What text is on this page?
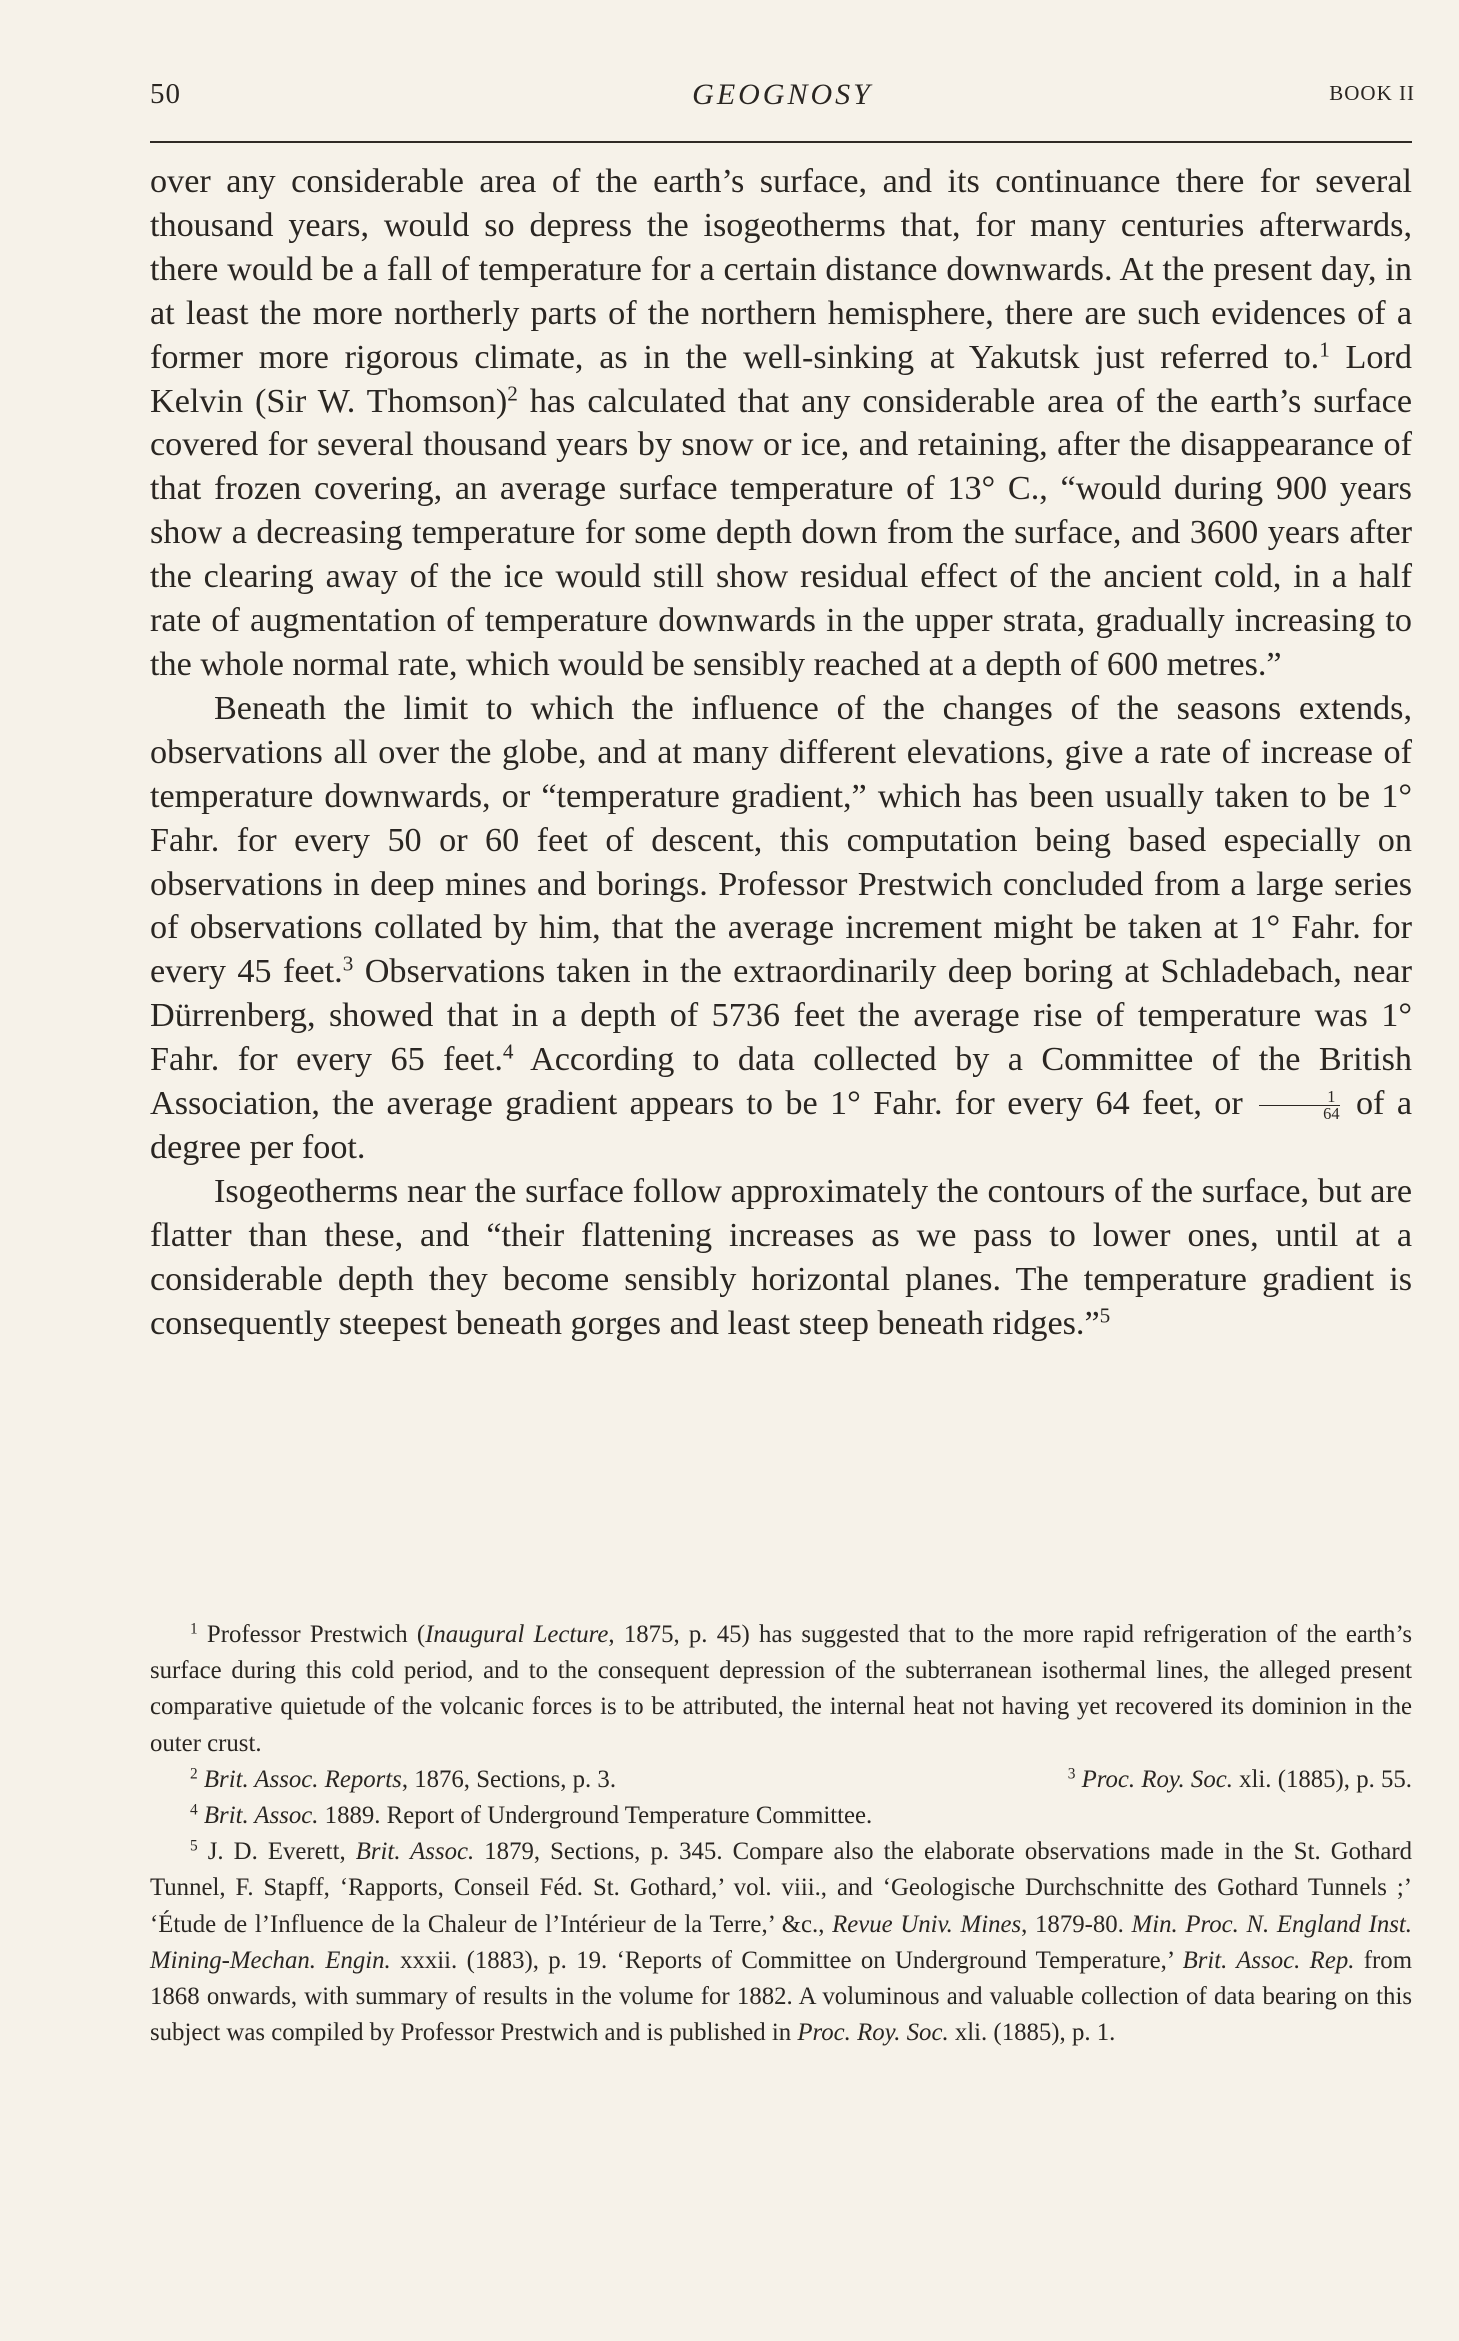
50	GEOGNOSY	BOOK II

over any considerable area of the earth’s surface, and its continuance there for several thousand years, would so depress the isogeotherms that, for many centuries afterwards, there would be a fall of temperature for a certain distance downwards. At the present day, in at least the more northerly parts of the northern hemisphere, there are such evidences of a former more rigorous climate, as in the well-sinking at Yakutsk just referred to.$^1$ Lord Kelvin (Sir W. Thomson)$^2$ has calculated that any considerable area of the earth’s surface covered for several thousand years by snow or ice, and retaining, after the disappearance of that frozen covering, an average surface temperature of 13° C., “would during 900 years show a decreasing temperature for some depth down from the surface, and 3600 years after the clearing away of the ice would still show residual effect of the ancient cold, in a half rate of augmentation of temperature downwards in the upper strata, gradually increasing to the whole normal rate, which would be sensibly reached at a depth of 600 metres.”

Beneath the limit to which the influence of the changes of the seasons extends, observations all over the globe, and at many different elevations, give a rate of increase of temperature downwards, or “temperature gradient,” which has been usually taken to be 1° Fahr. for every 50 or 60 feet of descent, this computation being based especially on observations in deep mines and borings. Professor Prestwich concluded from a large series of observations collated by him, that the average increment might be taken at 1° Fahr. for every 45 feet.$^3$ Observations taken in the extraordinarily deep boring at Schladebach, near Dürrenberg, showed that in a depth of 5736 feet the average rise of temperature was 1° Fahr. for every 65 feet.$^4$ According to data collected by a Committee of the British Association, the average gradient appears to be 1° Fahr. for every 64 feet, or $\frac{1}{64}$ of a degree per foot.

Isogeotherms near the surface follow approximately the contours of the surface, but are flatter than these, and “their flattening increases as we pass to lower ones, until at a considerable depth they become sensibly horizontal planes. The temperature gradient is consequently steepest beneath gorges and least steep beneath ridges.”$^5$

$^1$ Professor Prestwich (Inaugural Lecture, 1875, p. 45) has suggested that to the more rapid refrigeration of the earth’s surface during this cold period, and to the consequent depression of the subterranean isothermal lines, the alleged present comparative quietude of the volcanic forces is to be attributed, the internal heat not having yet recovered its dominion in the outer crust.

$^2$ Brit. Assoc. Reports, 1876, Sections, p. 3.	$^3$ Proc. Roy. Soc. xli. (1885), p. 55.

$^4$ Brit. Assoc. 1889. Report of Underground Temperature Committee.

$^5$ J. D. Everett, Brit. Assoc. 1879, Sections, p. 345. Compare also the elaborate observations made in the St. Gothard Tunnel, F. Stapff, ‘Rapports, Conseil Féd. St. Gothard,’ vol. viii., and ‘Geologische Durchschnitte des Gothard Tunnels ;’ ‘Étude de l’Influence de la Chaleur de l’Intérieur de la Terre,’ &c., Revue Univ. Mines, 1879-80. Min. Proc. N. England Inst. Mining-Mechan. Engin. xxxii. (1883), p. 19. ‘Reports of Committee on Underground Temperature,’ Brit. Assoc. Rep. from 1868 onwards, with summary of results in the volume for 1882. A voluminous and valuable collection of data bearing on this subject was compiled by Professor Prestwich and is published in Proc. Roy. Soc. xli. (1885), p. 1.
